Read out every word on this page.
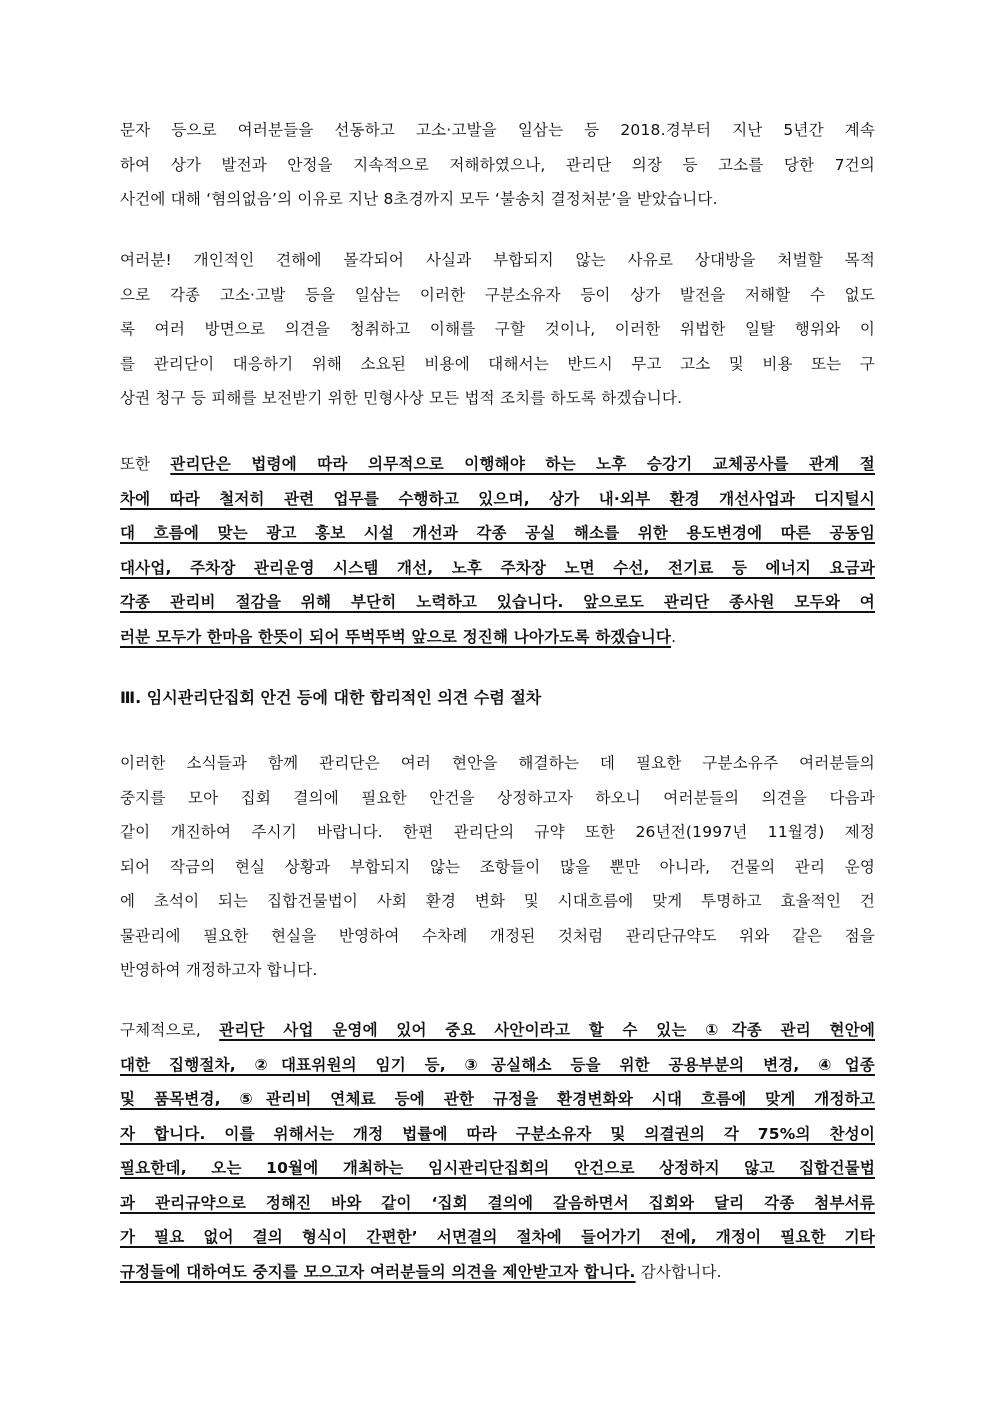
문자 등으로 여러분들을 선동하고 고소·고발을 일삼는 등 2018.경부터 지난 5년간 계속
하여 상가 발전과 안정을 지속적으로 저해하였으나, 관리단 의장 등 고소를 당한 7건의
사건에 대해 ‘혐의없음’의 이유로 지난 8초경까지 모두 ‘불송치 결정처분’을 받았습니다.
여러분! 개인적인 견해에 몰각되어 사실과 부합되지 않는 사유로 상대방을 처벌할 목적
으로 각종 고소·고발 등을 일삼는 이러한 구분소유자 등이 상가 발전을 저해할 수 없도
록 여러 방면으로 의견을 청취하고 이해를 구할 것이나, 이러한 위법한 일탈 행위와 이
를 관리단이 대응하기 위해 소요된 비용에 대해서는 반드시 무고 고소 및 비용 또는 구
상권 청구 등 피해를 보전받기 위한 민형사상 모든 법적 조치를 하도록 하겠습니다.
또한 관리단은 법령에 따라 의무적으로 이행해야 하는 노후 승강기 교체공사를 관계 절
차에 따라 철저히 관련 업무를 수행하고 있으며, 상가 내·외부 환경 개선사업과 디지털시
대 흐름에 맞는 광고 홍보 시설 개선과 각종 공실 해소를 위한 용도변경에 따른 공동임
대사업, 주차장 관리운영 시스템 개선, 노후 주차장 노면 수선, 전기료 등 에너지 요금과
각종 관리비 절감을 위해 부단히 노력하고 있습니다. 앞으로도 관리단 종사원 모두와 여
러분 모두가 한마음 한뜻이 되어 뚜벅뚜벅 앞으로 정진해 나아가도록 하겠습니다.
Ⅲ. 임시관리단집회 안건 등에 대한 합리적인 의견 수렴 절차
이러한 소식들과 함께 관리단은 여러 현안을 해결하는 데 필요한 구분소유주 여러분들의
중지를 모아 집회 결의에 필요한 안건을 상정하고자 하오니 여러분들의 의견을 다음과
같이 개진하여 주시기 바랍니다. 한편 관리단의 규약 또한 26년전(1997년 11월경) 제정
되어 작금의 현실 상황과 부합되지 않는 조항들이 많을 뿐만 아니라, 건물의 관리 운영
에 초석이 되는 집합건물법이 사회 환경 변화 및 시대흐름에 맞게 투명하고 효율적인 건
물관리에 필요한 현실을 반영하여 수차례 개정된 것처럼 관리단규약도 위와 같은 점을
반영하여 개정하고자 합니다.
구체적으로, 관리단 사업 운영에 있어 중요 사안이라고 할 수 있는 ①각종 관리 현안에
대한 집행절차, ②대표위원의 임기 등, ③공실해소 등을 위한 공용부분의 변경, ④업종
및 품목변경, ⑤관리비 연체료 등에 관한 규정을 환경변화와 시대 흐름에 맞게 개정하고
자 합니다. 이를 위해서는 개정 법률에 따라 구분소유자 및 의결권의 각 75%의 찬성이
필요한데, 오는 10월에 개최하는 임시관리단집회의 안건으로 상정하지 않고 집합건물법
과 관리규약으로 정해진 바와 같이 ‘집회 결의에 갈음하면서 집회와 달리 각종 첨부서류
가 필요 없어 결의 형식이 간편한’ 서면결의 절차에 들어가기 전에, 개정이 필요한 기타
규정들에 대하여도 중지를 모으고자 여러분들의 의견을 제안받고자 합니다. 감사합니다.
